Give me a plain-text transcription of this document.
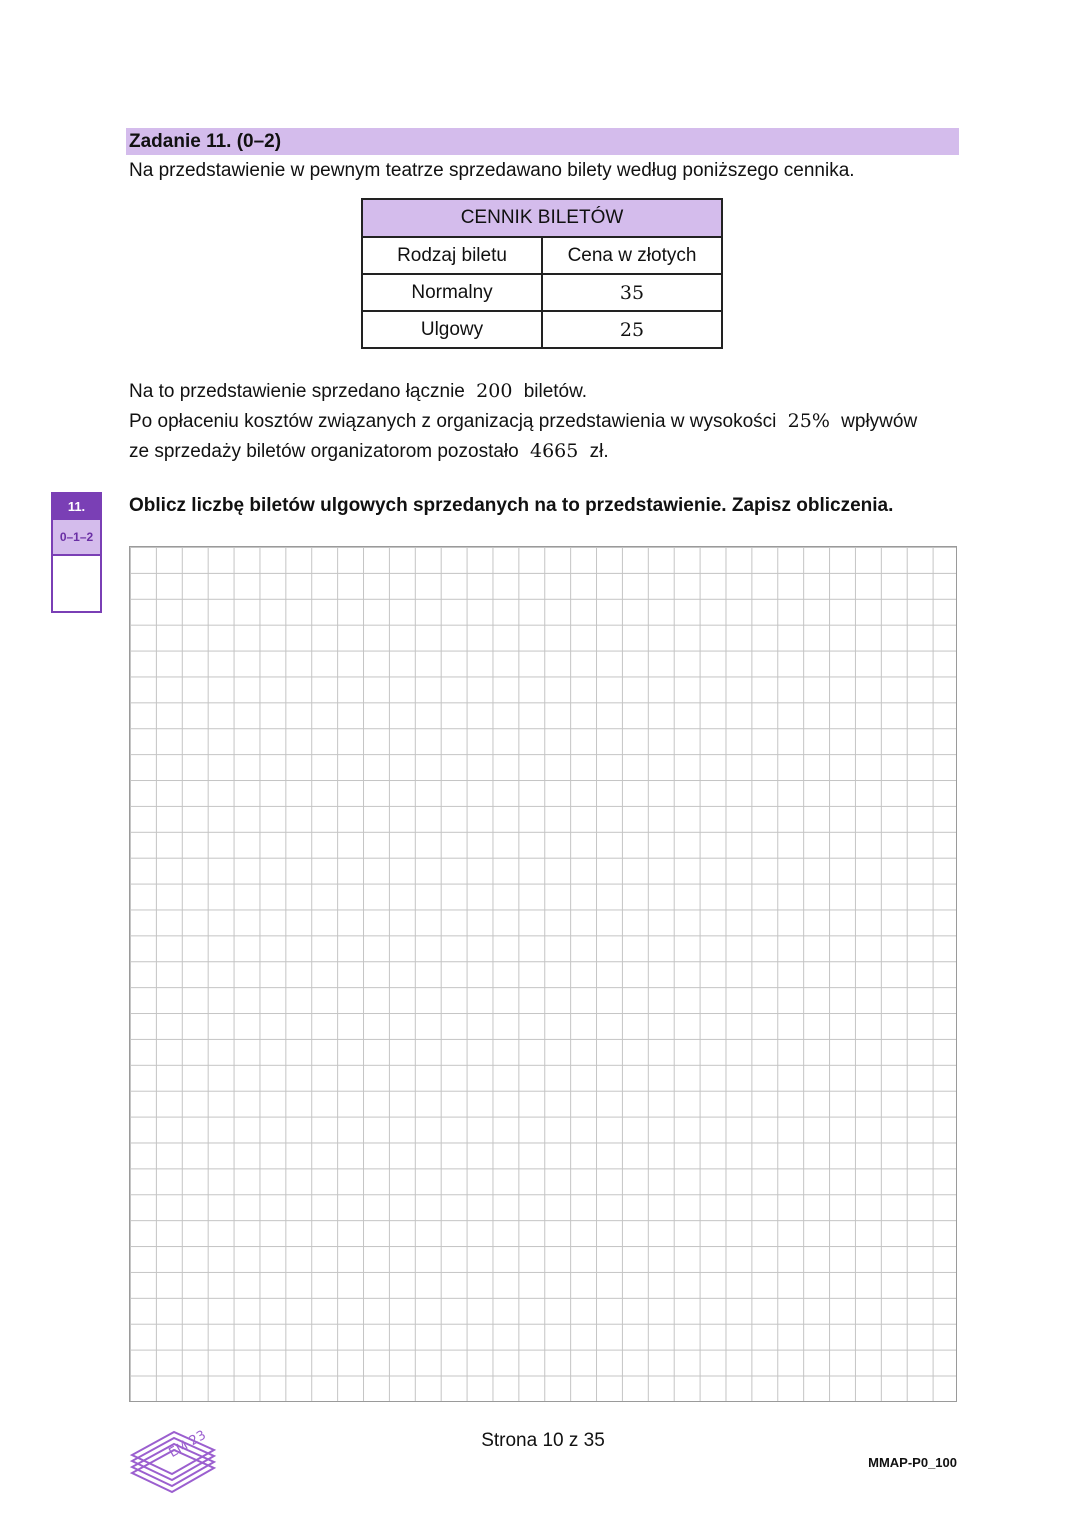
Zadanie 11. (0–2)
Na przedstawienie w pewnym teatrze sprzedawano bilety według poniższego cennika.
CENNIK BILETÓW	
Rodzaj biletu	Cena w złotych
Normalny	35
Ulgowy	25
Na to przedstawienie sprzedano łącznie 200 biletów.
Po opłaceniu kosztów związanych z organizacją przedstawienia w wysokości 25% wpływów
ze sprzedaży biletów organizatorom pozostało 4665 zł.
11.
0–1–2
Oblicz liczbę biletów ulgowych sprzedanych na to przedstawienie. Zapisz obliczenia.
EM 23	Strona 10 z 35
MMAP-P0_100
